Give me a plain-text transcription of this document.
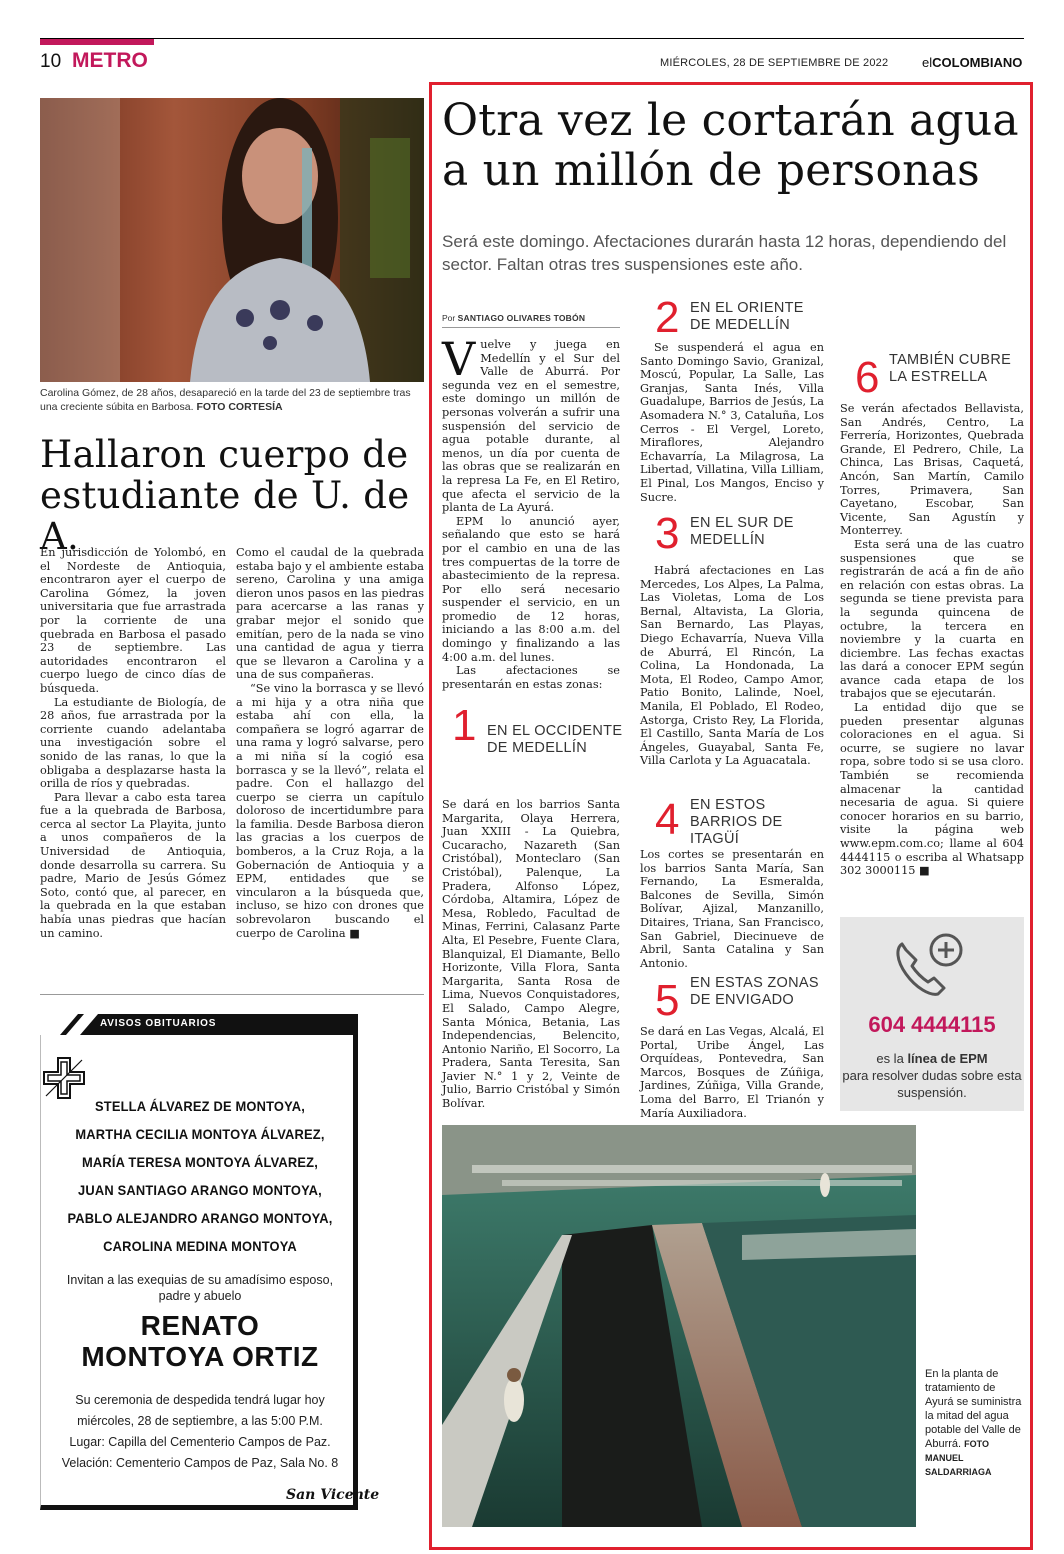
10 METRO	MIÉRCOLES, 28 DE SEPTIEMBRE DE 2022	elCOLOMBIANO
Carolina Gómez, de 28 años, desapareció en la tarde del 23 de septiembre tras una creciente súbita en Barbosa. FOTO CORTESÍA
Hallaron cuerpo de estudiante de U. de A.

En jurisdicción de Yolombó, en el Nordeste de Antioquia, encontraron ayer el cuerpo de Carolina Gómez, la joven universitaria que fue arrastrada por la corriente de una quebrada en Barbosa el pasado 23 de septiembre. Las autoridades encontraron el cuerpo luego de cinco días de búsqueda.

La estudiante de Biología, de 28 años, fue arrastrada por la corriente cuando adelantaba una investigación sobre el sonido de las ranas, lo que la obligaba a desplazarse hasta la orilla de ríos y quebradas.

Para llevar a cabo esta tarea fue a la quebrada de Barbosa, cerca al sector La Playita, junto a unos compañeros de la Universidad de Antioquia, donde desarrolla su carrera. Su padre, Mario de Jesús Gómez Soto, contó que, al parecer, en la quebrada en la que estaban había unas piedras que hacían un camino.

Como el caudal de la quebrada estaba bajo y el ambiente estaba sereno, Carolina y una amiga dieron unos pasos en las piedras para acercarse a las ranas y grabar mejor el sonido que emitían, pero de la nada se vino una cantidad de agua y tierra que se llevaron a Carolina y a una de sus compañeras.

“Se vino la borrasca y se llevó a mi hija y a otra niña que estaba ahí con ella, la compañera se logró agarrar de una rama y logró salvarse, pero a mi niña sí la cogió esa borrasca y se la llevó”, relata el padre. Con el hallazgo del cuerpo se cierra un capítulo doloroso de incertidumbre para la familia. Desde Barbosa dieron las gracias a los cuerpos de bomberos, a la Cruz Roja, a la Gobernación de Antioquia y a EPM, entidades que se vincularon a la búsqueda que, incluso, se hizo con drones que sobrevolaron buscando el cuerpo de Carolina ■

AVISOS OBITUARIOS
STELLA ÁLVAREZ DE MONTOYA,
MARTHA CECILIA MONTOYA ÁLVAREZ,
MARÍA TERESA MONTOYA ÁLVAREZ,
JUAN SANTIAGO ARANGO MONTOYA,
PABLO ALEJANDRO ARANGO MONTOYA,
CAROLINA MEDINA MONTOYA
Invitan a las exequias de su amadísimo esposo, padre y abuelo
RENATO
MONTOYA ORTIZ
Su ceremonia de despedida tendrá lugar hoy
miércoles, 28 de septiembre, a las 5:00 P.M.
Lugar: Capilla del Cementerio Campos de Paz.
Velación: Cementerio Campos de Paz, Sala No. 8
San Vicente
Otra vez le cortarán agua a un millón de personas
Será este domingo. Afectaciones durarán hasta 12 horas, dependiendo del sector. Faltan otras tres suspensiones este año.
Por SANTIAGO OLIVARES TOBÓN

Vuelve y juega en Medellín y el Sur del Valle de Aburrá. Por segunda vez en el semestre, este domingo un millón de personas volverán a sufrir una suspensión del servicio de agua potable durante, al menos, un día por cuenta de las obras que se realizarán en la represa La Fe, en El Retiro, que afecta el servicio de la planta de La Ayurá.

EPM lo anunció ayer, señalando que esto se hará por el cambio en una de las tres compuertas de la torre de abastecimiento de la represa. Por ello será necesario suspender el servicio, en un promedio de 12 horas, iniciando a las 8:00 a.m. del domingo y finalizando a las 4:00 a.m. del lunes.

Las afectaciones se presentarán en estas zonas:

1 EN EL OCCIDENTE DE MEDELLÍN

Se dará en los barrios Santa Margarita, Olaya Herrera, Juan XXIII - La Quiebra, Cucaracho, Nazareth (San Cristóbal), Monteclaro (San Cristóbal), Palenque, La Pradera, Alfonso López, Córdoba, Altamira, López de Mesa, Robledo, Facultad de Minas, Ferrini, Calasanz Parte Alta, El Pesebre, Fuente Clara, Blanquizal, El Diamante, Bello Horizonte, Villa Flora, Santa Margarita, Santa Rosa de Lima, Nuevos Conquistadores, El Salado, Campo Alegre, Santa Mónica, Betania, Las Independencias, Belencito, Antonio Nariño, El Socorro, La Pradera, Santa Teresita, San Javier N.° 1 y 2, Veinte de Julio, Barrio Cristóbal y Simón Bolívar.

2 EN EL ORIENTE DE MEDELLÍN

Se suspenderá el agua en Santo Domingo Savio, Granizal, Moscú, Popular, La Salle, Las Granjas, Santa Inés, Villa Guadalupe, Barrios de Jesús, La Asomadera N.° 3, Cataluña, Los Cerros - El Vergel, Loreto, Miraflores, Alejandro Echavarría, La Milagrosa, La Libertad, Villatina, Villa Lilliam, El Pinal, Los Mangos, Enciso y Sucre.

3 EN EL SUR DE MEDELLÍN

Habrá afectaciones en Las Mercedes, Los Alpes, La Palma, Las Violetas, Loma de Los Bernal, Altavista, La Gloria, San Bernardo, Las Playas, Diego Echavarría, Nueva Villa de Aburrá, El Rincón, La Colina, La Hondonada, La Mota, El Rodeo, Campo Amor, Patio Bonito, Lalinde, Noel, Manila, El Poblado, El Rodeo, Astorga, Cristo Rey, La Florida, El Castillo, Santa María de Los Ángeles, Guayabal, Santa Fe, Villa Carlota y La Aguacatala.

4 EN ESTOS BARRIOS DE ITAGÜÍ

Los cortes se presentarán en los barrios Santa María, San Fernando, La Esmeralda, Balcones de Sevilla, Simón Bolívar, Ajizal, Manzanillo, Ditaires, Triana, San Francisco, San Gabriel, Diecinueve de Abril, Santa Catalina y San Antonio.

5 EN ESTAS ZONAS DE ENVIGADO

Se dará en Las Vegas, Alcalá, El Portal, Uribe Ángel, Las Orquídeas, Pontevedra, San Marcos, Bosques de Zúñiga, Jardines, Zúñiga, Villa Grande, Loma del Barro, El Trianón y María Auxiliadora.

6 TAMBIÉN CUBRE LA ESTRELLA

Se verán afectados Bellavista, San Andrés, Centro, La Ferrería, Horizontes, Quebrada Grande, El Pedrero, Chile, La Chinca, Las Brisas, Caquetá, Ancón, San Martín, Camilo Torres, Primavera, San Cayetano, Escobar, San Vicente, San Agustín y Monterrey.

Esta será una de las cuatro suspensiones que se registrarán de acá a fin de año en relación con estas obras. La segunda se tiene prevista para la segunda quincena de octubre, la tercera en noviembre y la cuarta en diciembre. Las fechas exactas las dará a conocer EPM según avance cada etapa de los trabajos que se ejecutarán.

La entidad dijo que se pueden presentar algunas coloraciones en el agua. Si ocurre, se sugiere no lavar ropa, sobre todo si se usa cloro. También se recomienda almacenar la cantidad necesaria de agua. Si quiere conocer horarios en su barrio, visite la página web www.epm.com.co; llame al 604 4444115 o escriba al Whatsapp 302 3000115 ■

604 4444115
es la línea de EPM
para resolver dudas sobre esta suspensión.
En la planta de tratamiento de Ayurá se suministra la mitad del agua potable del Valle de Aburrá. FOTO MANUEL SALDARRIAGA
